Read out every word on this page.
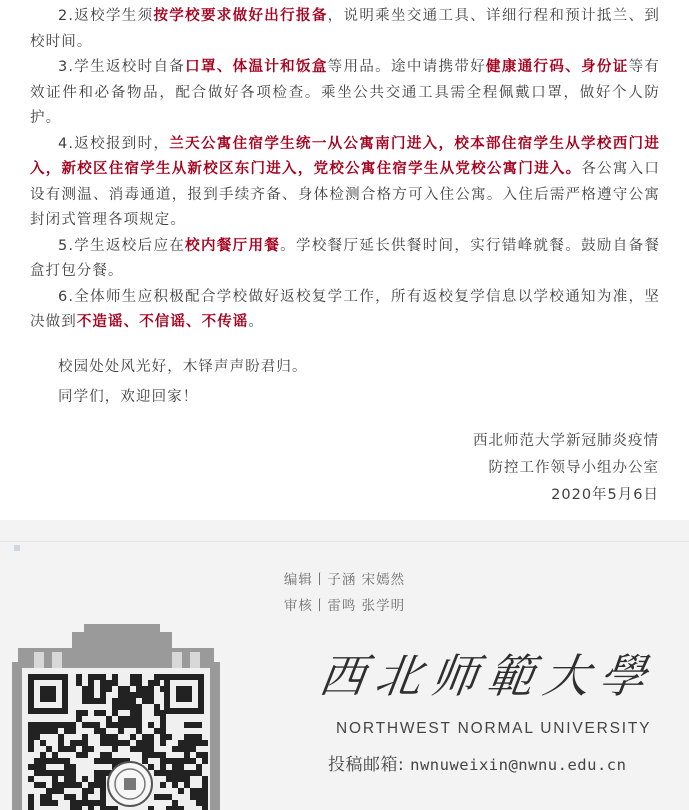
2.返校学生须按学校要求做好出行报备，说明乘坐交通工具、详细行程和预计抵兰、到校时间。

3.学生返校时自备口罩、体温计和饭盒等用品。途中请携带好健康通行码、身份证等有效证件和必备物品，配合做好各项检查。乘坐公共交通工具需全程佩戴口罩，做好个人防护。

4.返校报到时，兰天公寓住宿学生统一从公寓南门进入，校本部住宿学生从学校西门进入，新校区住宿学生从新校区东门进入，党校公寓住宿学生从党校公寓门进入。各公寓入口设有测温、消毒通道，报到手续齐备、身体检测合格方可入住公寓。入住后需严格遵守公寓封闭式管理各项规定。

5.学生返校后应在校内餐厅用餐。学校餐厅延长供餐时间，实行错峰就餐。鼓励自备餐盒打包分餐。

6.全体师生应积极配合学校做好返校复学工作，所有返校复学信息以学校通知为准，坚决做到不造谣、不信谣、不传谣。

校园处处风光好，木铎声声盼君归。
同学们，欢迎回家！
西北师范大学新冠肺炎疫情
防控工作领导小组办公室
2020年5月6日
编辑丨子涵 宋嫣然
审核丨雷鸣 张学明
西北师範大學
NORTHWEST NORMAL UNIVERSITY
投稿邮箱: nwnuweixin@nwnu.edu.cn
